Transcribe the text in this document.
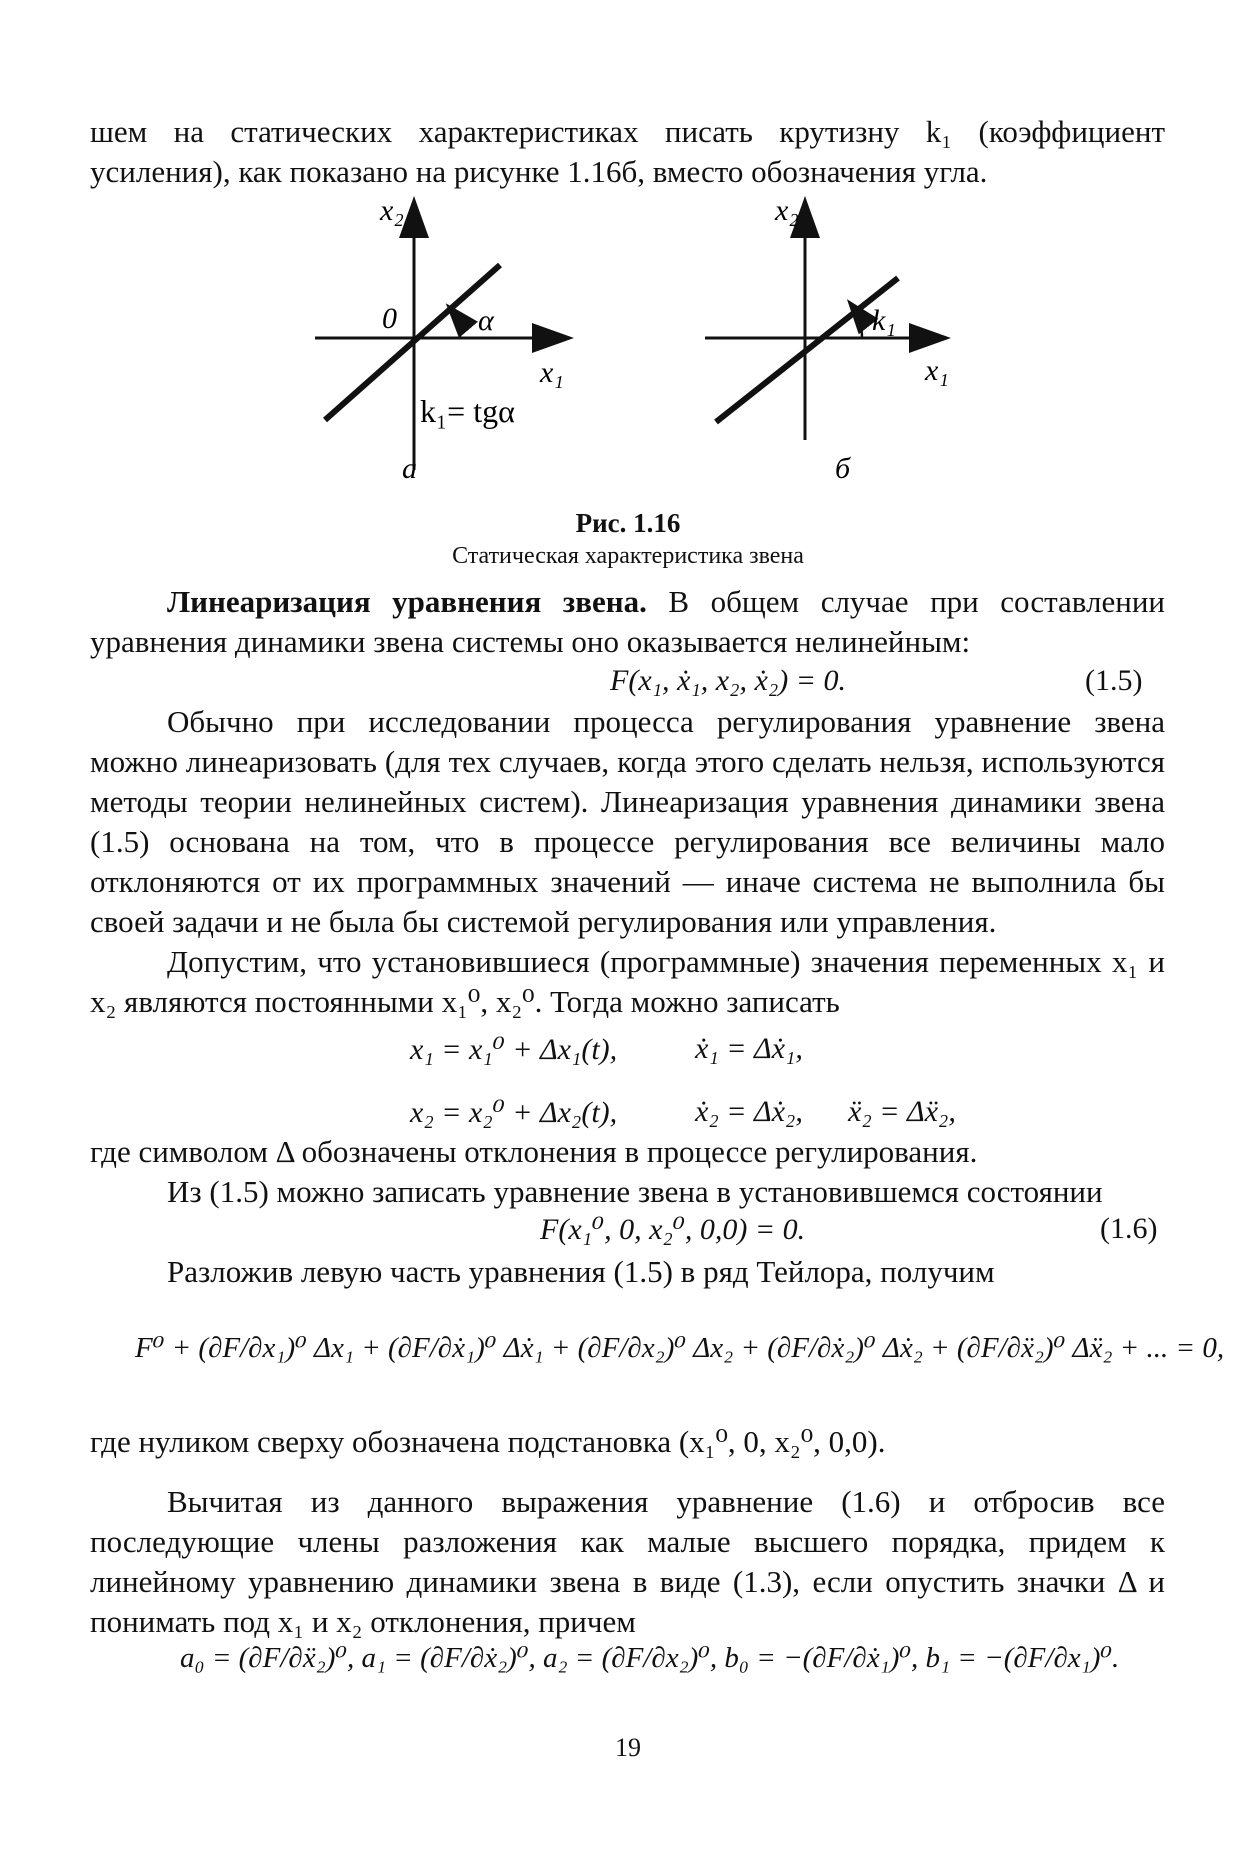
шем на статических характеристиках писать крутизну k₁ (коэффициент усиления), как показано на рисунке 1.16б, вместо обозначения угла.

x₂
x₁
0	α
k₁= tgα
а
x₂
x₁
k₁
б
Рис. 1.16
Статическая характеристика звена

Линеаризация уравнения звена. В общем случае при составлении уравнения динамики звена системы оно оказывается нелинейным:

F(x₁, ẋ₁, x₂, ẋ₂) = 0.	(1.5)

Обычно при исследовании процесса регулирования уравнение звена можно линеаризовать (для тех случаев, когда этого сделать нельзя, используются методы теории нелинейных систем). Линеаризация уравнения динамики звена (1.5) основана на том, что в процессе регулирования все величины мало отклоняются от их программных значений — иначе система не выполнила бы своей задачи и не была бы системой регулирования или управления.

Допустим, что установившиеся (программные) значения переменных x₁ и x₂ являются постоянными x₁⁰, x₂⁰. Тогда можно записать

x₁ = x₁⁰ + Δx₁(t),	ẋ₁ = Δẋ₁,
x₂ = x₂⁰ + Δx₂(t),	ẋ₂ = Δẋ₂, ẍ₂ = Δẍ₂,

где символом Δ обозначены отклонения в процессе регулирования.

Из (1.5) можно записать уравнение звена в установившемся состоянии

F(x₁⁰, 0, x₂⁰, 0,0) = 0.	(1.6)

Разложив левую часть уравнения (1.5) в ряд Тейлора, получим

F⁰ + (∂F/∂x₁)⁰ Δx₁ + (∂F/∂ẋ₁)⁰ Δẋ₁ + (∂F/∂x₂)⁰ Δx₂ + (∂F/∂ẋ₂)⁰ Δẋ₂ + (∂F/∂ẍ₂)⁰ Δẍ₂ + ... = 0,

где нуликом сверху обозначена подстановка (x₁⁰, 0, x₂⁰, 0,0).

Вычитая из данного выражения уравнение (1.6) и отбросив все последующие члены разложения как малые высшего порядка, придем к линейному уравнению динамики звена в виде (1.3), если опустить значки Δ и понимать под x₁ и x₂ отклонения, причем

a₀ = (∂F/∂ẍ₂)⁰, a₁ = (∂F/∂ẋ₂)⁰, a₂ = (∂F/∂x₂)⁰, b₀ = −(∂F/∂ẋ₁)⁰, b₁ = −(∂F/∂x₁)⁰.
19
